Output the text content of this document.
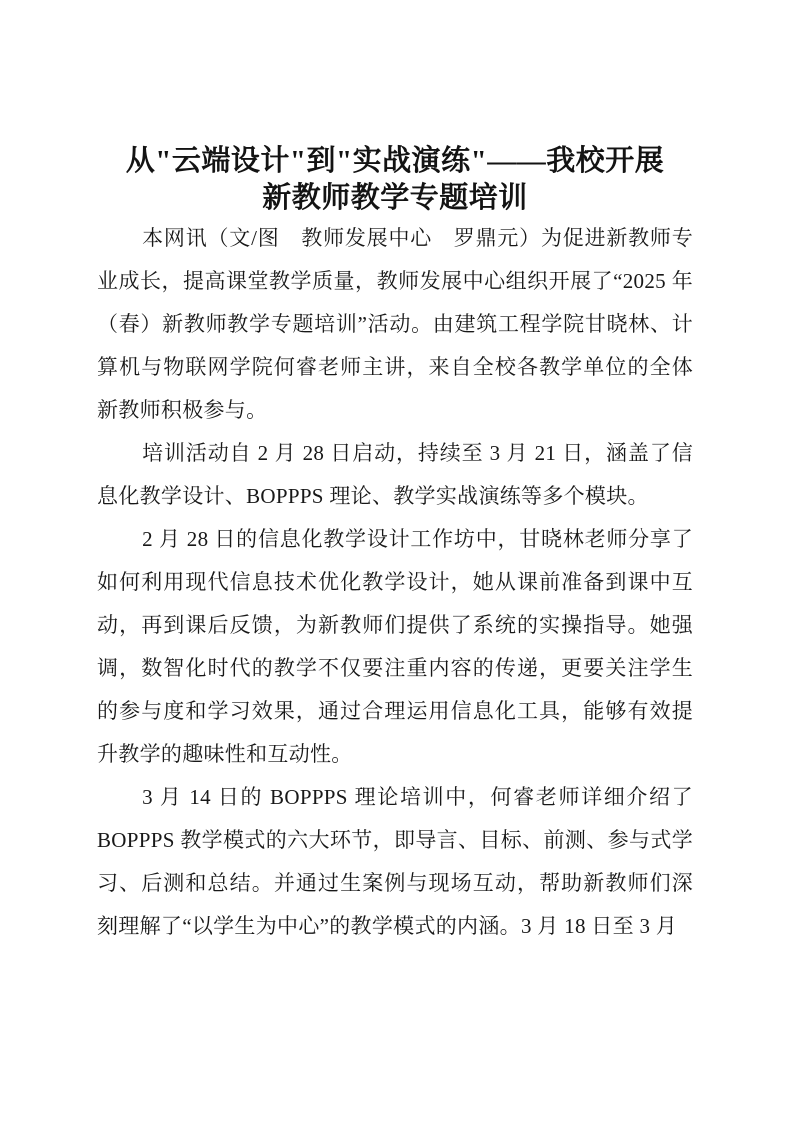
从"云端设计"到"实战演练"——我校开展
新教师教学专题培训

本网讯（文/图　教师发展中心　罗鼎元）为促进新教师专业成长，提高课堂教学质量，教师发展中心组织开展了“2025 年（春）新教师教学专题培训”活动。由建筑工程学院甘晓林、计算机与物联网学院何睿老师主讲，来自全校各教学单位的全体新教师积极参与。

培训活动自 2 月 28 日启动，持续至 3 月 21 日，涵盖了信息化教学设计、BOPPPS 理论、教学实战演练等多个模块。

2 月 28 日的信息化教学设计工作坊中，甘晓林老师分享了如何利用现代信息技术优化教学设计，她从课前准备到课中互动，再到课后反馈，为新教师们提供了系统的实操指导。她强调，数智化时代的教学不仅要注重内容的传递，更要关注学生的参与度和学习效果，通过合理运用信息化工具，能够有效提升教学的趣味性和互动性。

3 月 14 日的 BOPPPS 理论培训中，何睿老师详细介绍了 BOPPPS 教学模式的六大环节，即导言、目标、前测、参与式学习、后测和总结。并通过生案例与现场互动，帮助新教师们深刻理解了“以学生为中心”的教学模式的内涵。3 月 18 日至 3 月
